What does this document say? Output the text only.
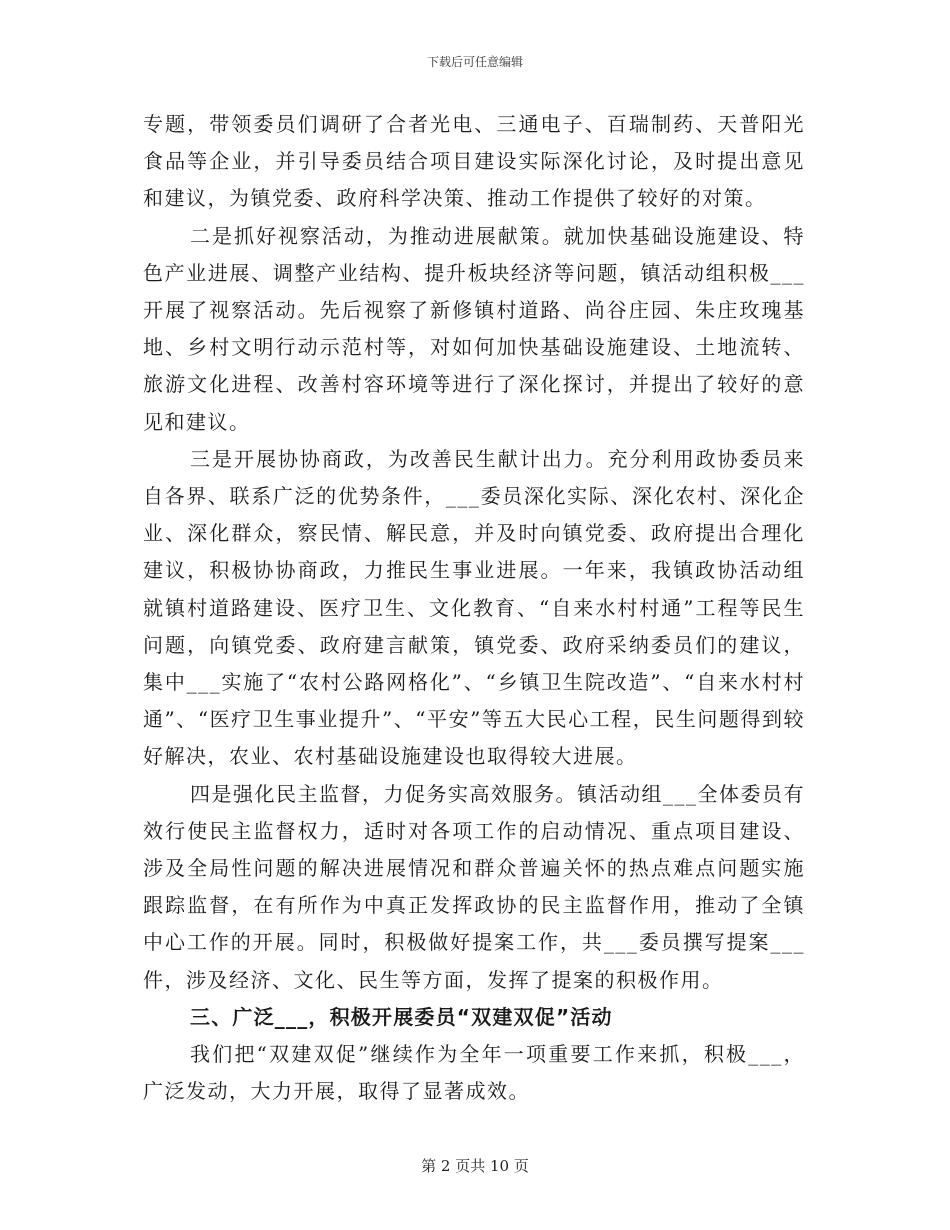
下载后可任意编辑

专题，带领委员们调研了合者光电、三通电子、百瑞制药、天普阳光食品等企业，并引导委员结合项目建设实际深化讨论，及时提出意见和建议，为镇党委、政府科学决策、推动工作提供了较好的对策。

二是抓好视察活动，为推动进展献策。就加快基础设施建设、特色产业进展、调整产业结构、提升板块经济等问题，镇活动组积极___开展了视察活动。先后视察了新修镇村道路、尚谷庄园、朱庄玫瑰基地、乡村文明行动示范村等，对如何加快基础设施建设、土地流转、旅游文化进程、改善村容环境等进行了深化探讨，并提出了较好的意见和建议。

三是开展协协商政，为改善民生献计出力。充分利用政协委员来自各界、联系广泛的优势条件，___委员深化实际、深化农村、深化企业、深化群众，察民情、解民意，并及时向镇党委、政府提出合理化建议，积极协协商政，力推民生事业进展。一年来，我镇政协活动组就镇村道路建设、医疗卫生、文化教育、“自来水村村通”工程等民生问题，向镇党委、政府建言献策，镇党委、政府采纳委员们的建议，集中___实施了“农村公路网格化”、“乡镇卫生院改造”、“自来水村村通”、“医疗卫生事业提升”、“平安”等五大民心工程，民生问题得到较好解决，农业、农村基础设施建设也取得较大进展。

四是强化民主监督，力促务实高效服务。镇活动组___全体委员有效行使民主监督权力，适时对各项工作的启动情况、重点项目建设、涉及全局性问题的解决进展情况和群众普遍关怀的热点难点问题实施跟踪监督，在有所作为中真正发挥政协的民主监督作用，推动了全镇中心工作的开展。同时，积极做好提案工作，共___委员撰写提案___件，涉及经济、文化、民生等方面，发挥了提案的积极作用。

三、广泛___，积极开展委员“双建双促”活动

我们把“双建双促”继续作为全年一项重要工作来抓，积极___，广泛发动，大力开展，取得了显著成效。

第 2 页共 10 页
